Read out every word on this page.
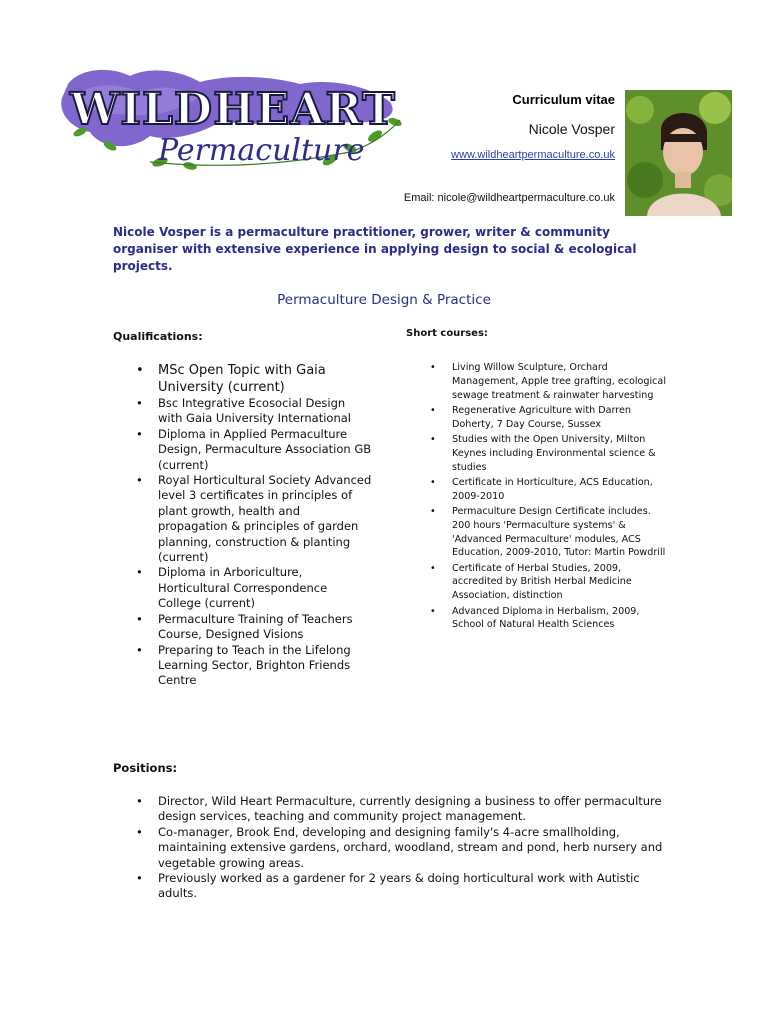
WILDHEART
Permaculture
Curriculum vitae
Nicole Vosper
www.wildheartpermaculture.co.uk
Email: nicole@wildheartpermaculture.co.uk
Nicole Vosper is a permaculture practitioner, grower, writer & community organiser with extensive experience in applying design to social & ecological projects.
Permaculture Design & Practice
Qualifications:
• MSc Open Topic with Gaia University (current)
• Bsc Integrative Ecosocial Design with Gaia University International
• Diploma in Applied Permaculture Design, Permaculture Association GB (current)
• Royal Horticultural Society Advanced level 3 certificates in principles of plant growth, health and propagation & principles of garden planning, construction & planting (current)
• Diploma in Arboriculture, Horticultural Correspondence College (current)
• Permaculture Training of Teachers Course, Designed Visions
• Preparing to Teach in the Lifelong Learning Sector, Brighton Friends Centre
Short courses:
• Living Willow Sculpture, Orchard Management, Apple tree grafting, ecological sewage treatment & rainwater harvesting
• Regenerative Agriculture with Darren Doherty, 7 Day Course, Sussex
• Studies with the Open University, Milton Keynes including Environmental science & studies
• Certificate in Horticulture, ACS Education, 2009-2010
• Permaculture Design Certificate includes. 200 hours 'Permaculture systems' & 'Advanced Permaculture' modules, ACS Education, 2009-2010, Tutor: Martin Powdrill
• Certificate of Herbal Studies, 2009, accredited by British Herbal Medicine Association, distinction
• Advanced Diploma in Herbalism, 2009, School of Natural Health Sciences
Positions:
• Director, Wild Heart Permaculture, currently designing a business to offer permaculture design services, teaching and community project management.
• Co-manager, Brook End, developing and designing family's 4-acre smallholding, maintaining extensive gardens, orchard, woodland, stream and pond, herb nursery and vegetable growing areas.
• Previously worked as a gardener for 2 years & doing horticultural work with Autistic adults.
